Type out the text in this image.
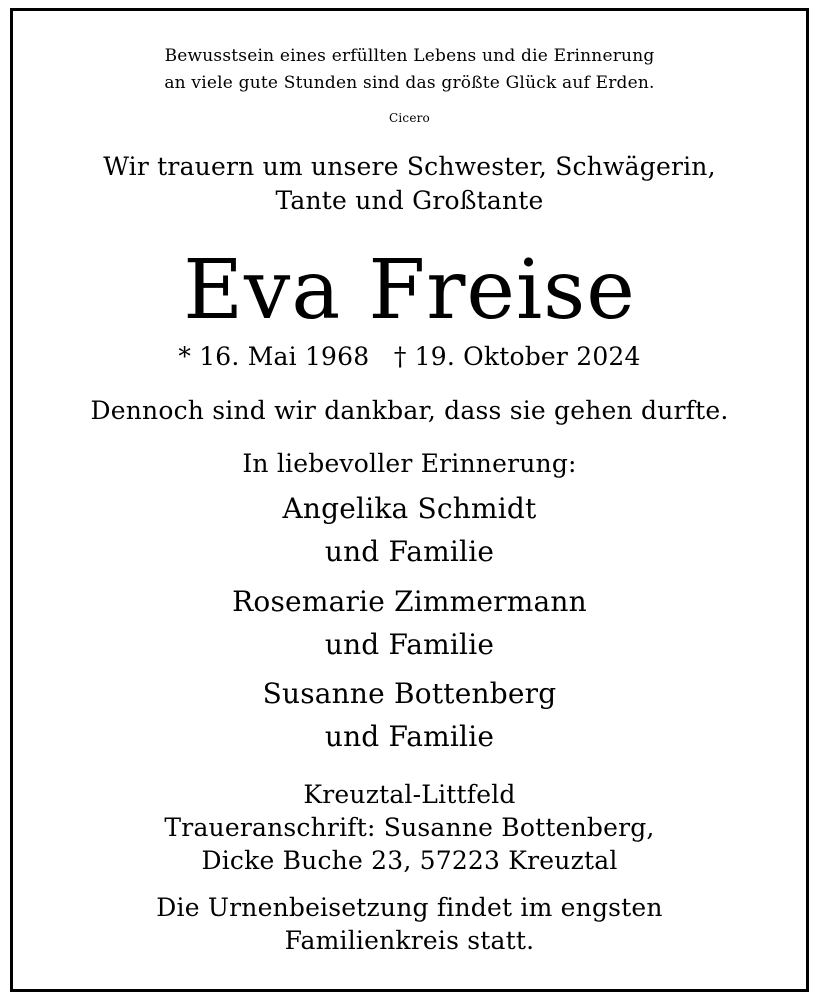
Bewusstsein eines erfüllten Lebens und die Erinnerung
an viele gute Stunden sind das größte Glück auf Erden.
Cicero
Wir trauern um unsere Schwester, Schwägerin,
Tante und Großtante
Eva Freise
* 16. Mai 1968   † 19. Oktober 2024
Dennoch sind wir dankbar, dass sie gehen durfte.
In liebevoller Erinnerung:
Angelika Schmidt
und Familie
Rosemarie Zimmermann
und Familie
Susanne Bottenberg
und Familie
Kreuztal-Littfeld
Traueranschrift: Susanne Bottenberg,
Dicke Buche 23, 57223 Kreuztal
Die Urnenbeisetzung findet im engsten
Familienkreis statt.
